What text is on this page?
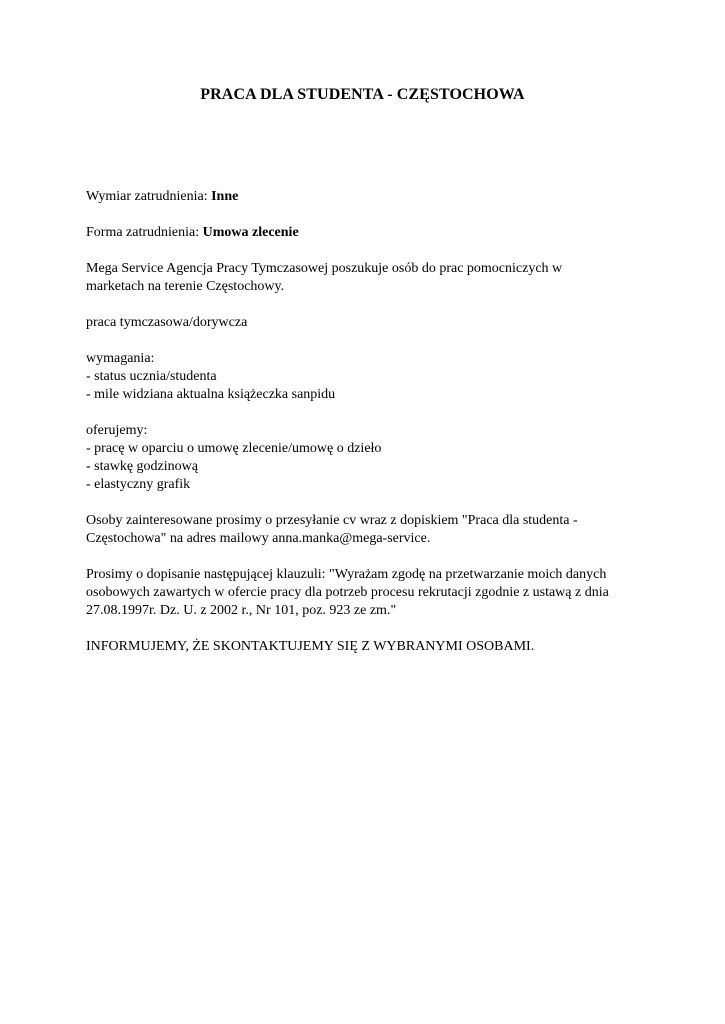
PRACA DLA STUDENTA - CZĘSTOCHOWA
Wymiar zatrudnienia: Inne
Forma zatrudnienia: Umowa zlecenie
Mega Service Agencja Pracy Tymczasowej poszukuje osób do prac pomocniczych w
marketach na terenie Częstochowy.
praca tymczasowa/dorywcza
wymagania:
- status ucznia/studenta
- mile widziana aktualna książeczka sanpidu
oferujemy:
- pracę w oparciu o umowę zlecenie/umowę o dzieło
- stawkę godzinową
- elastyczny grafik
Osoby zainteresowane prosimy o przesyłanie cv wraz z dopiskiem "Praca dla studenta -
Częstochowa" na adres mailowy anna.manka@mega-service.
Prosimy o dopisanie następującej klauzuli: "Wyrażam zgodę na przetwarzanie moich danych
osobowych zawartych w ofercie pracy dla potrzeb procesu rekrutacji zgodnie z ustawą z dnia
27.08.1997r. Dz. U. z 2002 r., Nr 101, poz. 923 ze zm."
INFORMUJEMY, ŻE SKONTAKTUJEMY SIĘ Z WYBRANYMI OSOBAMI.
